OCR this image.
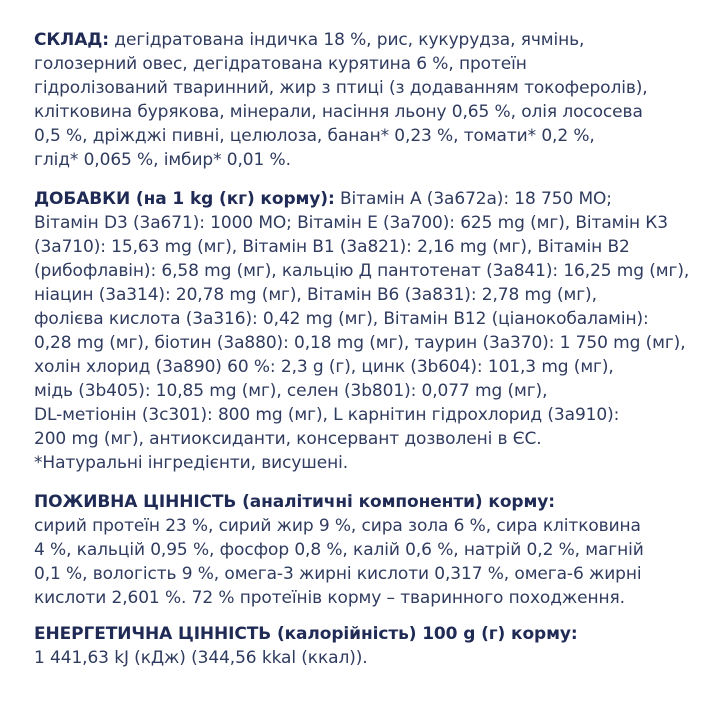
СКЛАД: дегідратована індичка 18 %, рис, кукурудза, ячмінь,
голозерний овес, дегідратована курятина 6 %, протеїн
гідролізований тваринний, жир з птиці (з додаванням токоферолів),
клітковина бурякова, мінерали, насіння льону 0,65 %, олія лососева
0,5 %, дріжджі пивні, целюлоза, банан* 0,23 %, томати* 0,2 %,
глід* 0,065 %, імбир* 0,01 %.
ДОБАВКИ (на 1 kg (кг) корму): Вітамін А (3а672а): 18 750 МО;
Вітамін D3 (3а671): 1000 МО; Вітамін Е (3а700): 625 mg (мг), Вітамін К3
(3а710): 15,63 mg (мг), Вітамін В1 (3а821): 2,16 mg (мг), Вітамін В2
(рибофлавін): 6,58 mg (мг), кальцію Д пантотенат (3а841): 16,25 mg (мг),
ніацин (3а314): 20,78 mg (мг), Вітамін В6 (3а831): 2,78 mg (мг),
фолієва кислота (3а316): 0,42 mg (мг), Вітамін В12 (ціанокобаламін):
0,28 mg (мг), біотин (3а880): 0,18 mg (мг), таурин (3а370): 1 750 mg (мг),
холін хлорид (3а890) 60 %: 2,3 g (г), цинк (3b604): 101,3 mg (мг),
мідь (3b405): 10,85 mg (мг), селен (3b801): 0,077 mg (мг),
DL-метіонін (3с301): 800 mg (мг), L карнітин гідрохлорид (3а910):
200 mg (мг), антиоксиданти, консервант дозволені в ЄС.
*Натуральні інгредієнти, висушені.
ПОЖИВНА ЦІННІСТЬ (аналітичні компоненти) корму:
сирий протеїн 23 %, сирий жир 9 %, сира зола 6 %, сира клітковина
4 %, кальцій 0,95 %, фосфор 0,8 %, калій 0,6 %, натрій 0,2 %, магній
0,1 %, вологість 9 %, омега-3 жирні кислоти 0,317 %, омега-6 жирні
кислоти 2,601 %. 72 % протеїнів корму – тваринного походження.
ЕНЕРГЕТИЧНА ЦІННІСТЬ (калорійність) 100 g (г) корму:
1 441,63 kJ (кДж) (344,56 kkal (ккал)).
